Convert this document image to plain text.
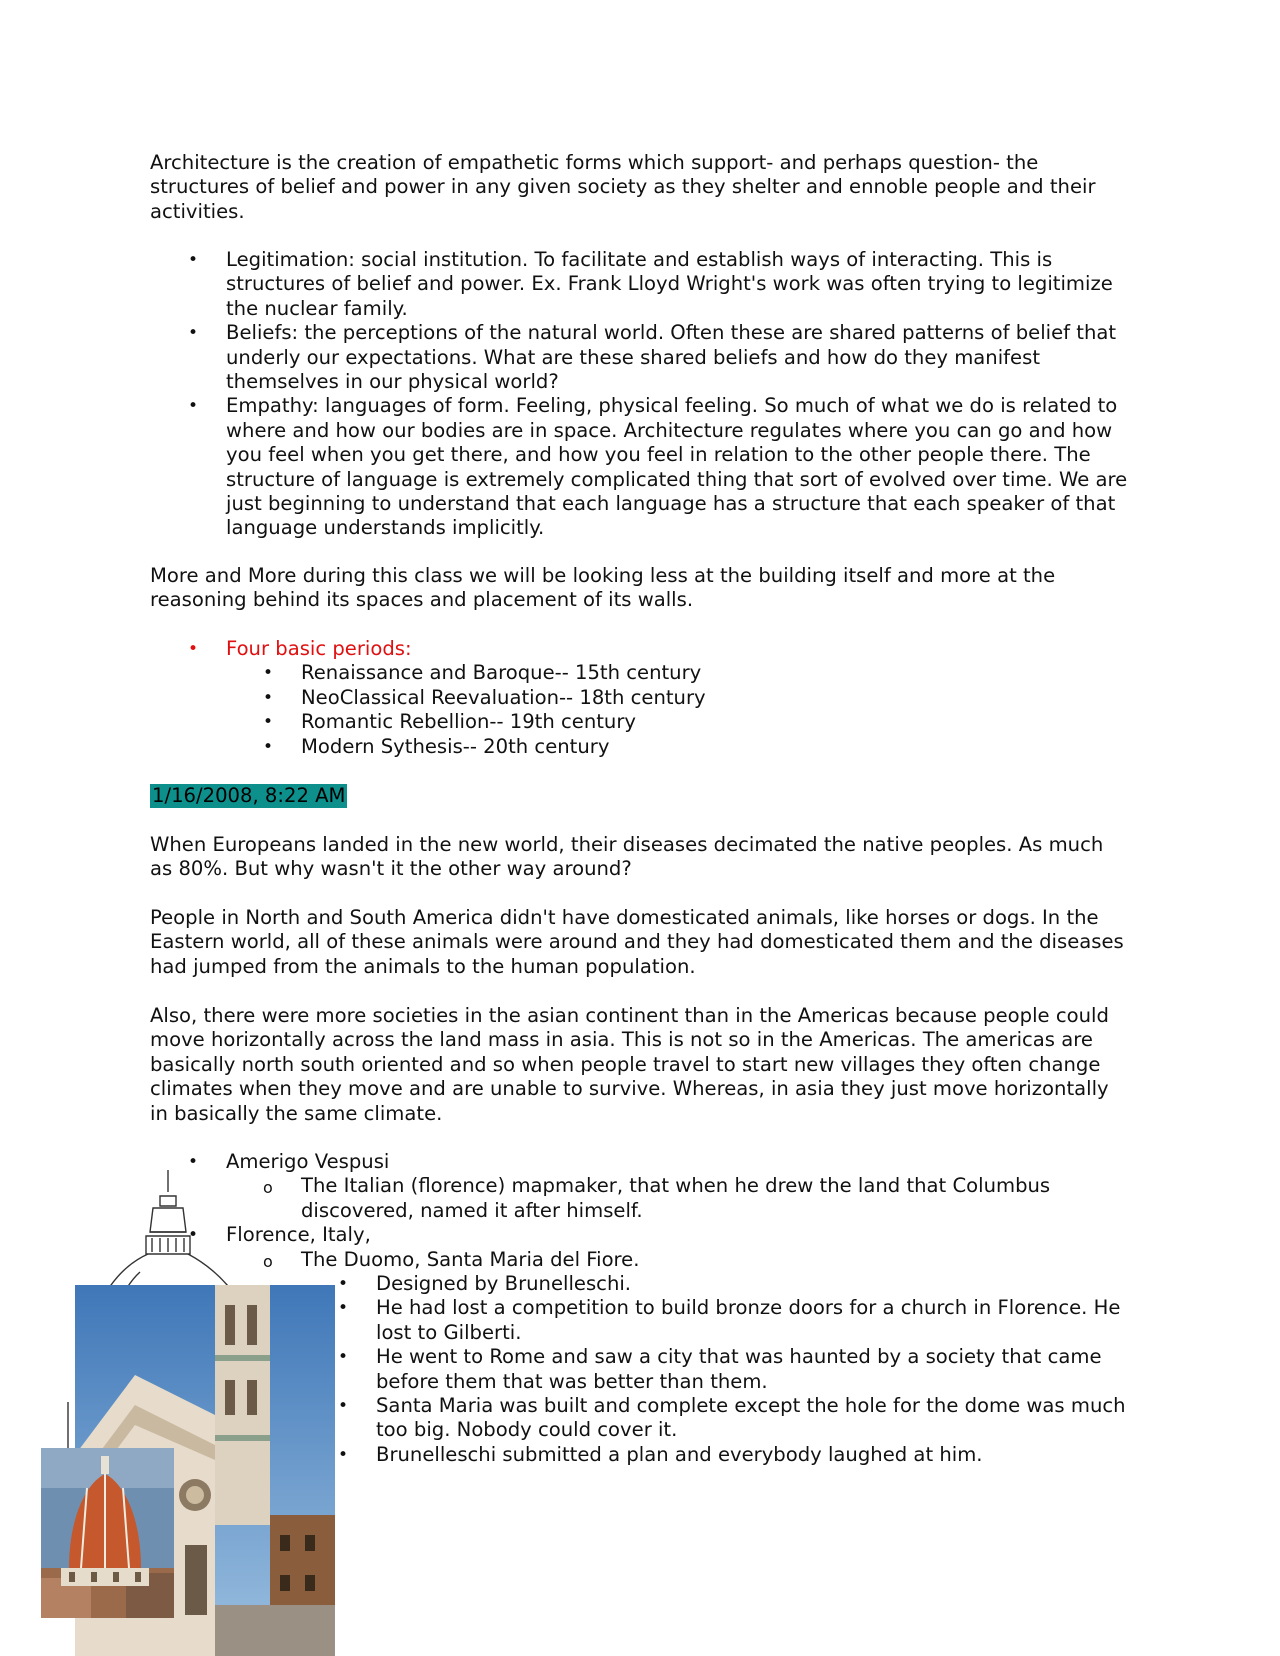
Architecture is the creation of empathetic forms which support- and perhaps question- the structures of belief and power in any given society as they shelter and ennoble people and their activities.

• Legitimation: social institution. To facilitate and establish ways of interacting. This is structures of belief and power. Ex. Frank Lloyd Wright's work was often trying to legitimize the nuclear family.
• Beliefs: the perceptions of the natural world. Often these are shared patterns of belief that underly our expectations. What are these shared beliefs and how do they manifest themselves in our physical world?
• Empathy: languages of form. Feeling, physical feeling. So much of what we do is related to where and how our bodies are in space. Architecture regulates where you can go and how you feel when you get there, and how you feel in relation to the other people there. The structure of language is extremely complicated thing that sort of evolved over time. We are just beginning to understand that each language has a structure that each speaker of that language understands implicitly.

More and More during this class we will be looking less at the building itself and more at the reasoning behind its spaces and placement of its walls.

• Four basic periods:
• Renaissance and Baroque-- 15th century
• NeoClassical Reevaluation-- 18th century
• Romantic Rebellion-- 19th century
• Modern Sythesis-- 20th century
1/16/2008, 8:22 AM

When Europeans landed in the new world, their diseases decimated the native peoples. As much as 80%. But why wasn't it the other way around?

People in North and South America didn't have domesticated animals, like horses or dogs. In the Eastern world, all of these animals were around and they had domesticated them and the diseases had jumped from the animals to the human population.

Also, there were more societies in the asian continent than in the Americas because people could move horizontally across the land mass in asia. This is not so in the Americas. The americas are basically north south oriented and so when people travel to start new villages they often change climates when they move and are unable to survive. Whereas, in asia they just move horizontally in basically the same climate.

• Amerigo Vespusi
o The Italian (florence) mapmaker, that when he drew the land that Columbus discovered, named it after himself.
• Florence, Italy,
o The Duomo, Santa Maria del Fiore.
• Designed by Brunelleschi.
• He had lost a competition to build bronze doors for a church in Florence. He lost to Gilberti.
• He went to Rome and saw a city that was haunted by a society that came before them that was better than them.
• Santa Maria was built and complete except the hole for the dome was much too big. Nobody could cover it.
• Brunelleschi submitted a plan and everybody laughed at him.
